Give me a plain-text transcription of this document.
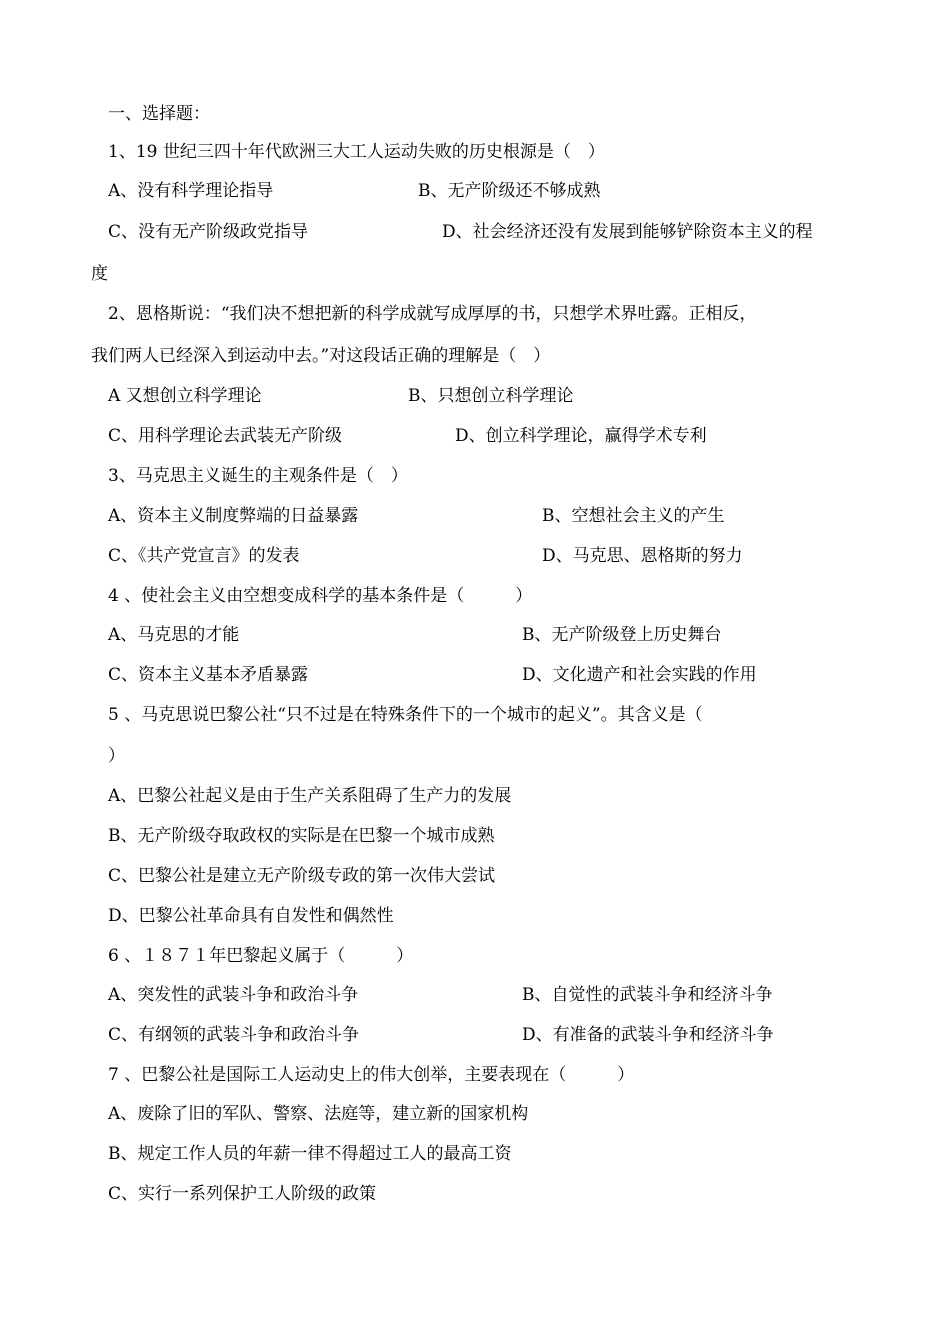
一、选择题：
1、19 世纪三四十年代欧洲三大工人运动失败的历史根源是（　）
A、没有科学理论指导	B、无产阶级还不够成熟
C、没有无产阶级政党指导	D、社会经济还没有发展到能够铲除资本主义的程
度
2、恩格斯说：“我们决不想把新的科学成就写成厚厚的书，只想学术界吐露。正相反，
我们两人已经深入到运动中去。”对这段话正确的理解是（　）
A 又想创立科学理论	B、只想创立科学理论
C、用科学理论去武装无产阶级	D、创立科学理论，赢得学术专利
3、马克思主义诞生的主观条件是（　）
A、资本主义制度弊端的日益暴露	B、空想社会主义的产生
C、《共产党宣言》的发表	D、马克思、恩格斯的努力
4 、使社会主义由空想变成科学的基本条件是（　　　）
A、马克思的才能	B、无产阶级登上历史舞台
C、资本主义基本矛盾暴露	D、文化遗产和社会实践的作用
5 、马克思说巴黎公社“只不过是在特殊条件下的一个城市的起义”。其含义是（
）
A、巴黎公社起义是由于生产关系阻碍了生产力的发展
B、无产阶级夺取政权的实际是在巴黎一个城市成熟
C、巴黎公社是建立无产阶级专政的第一次伟大尝试
D、巴黎公社革命具有自发性和偶然性
6 、１８７１年巴黎起义属于（　　　）
A、突发性的武装斗争和政治斗争	B、自觉性的武装斗争和经济斗争
C、有纲领的武装斗争和政治斗争	D、有准备的武装斗争和经济斗争
7 、巴黎公社是国际工人运动史上的伟大创举，主要表现在（　　　）
A、废除了旧的军队、警察、法庭等，建立新的国家机构
B、规定工作人员的年薪一律不得超过工人的最高工资
C、实行一系列保护工人阶级的政策
